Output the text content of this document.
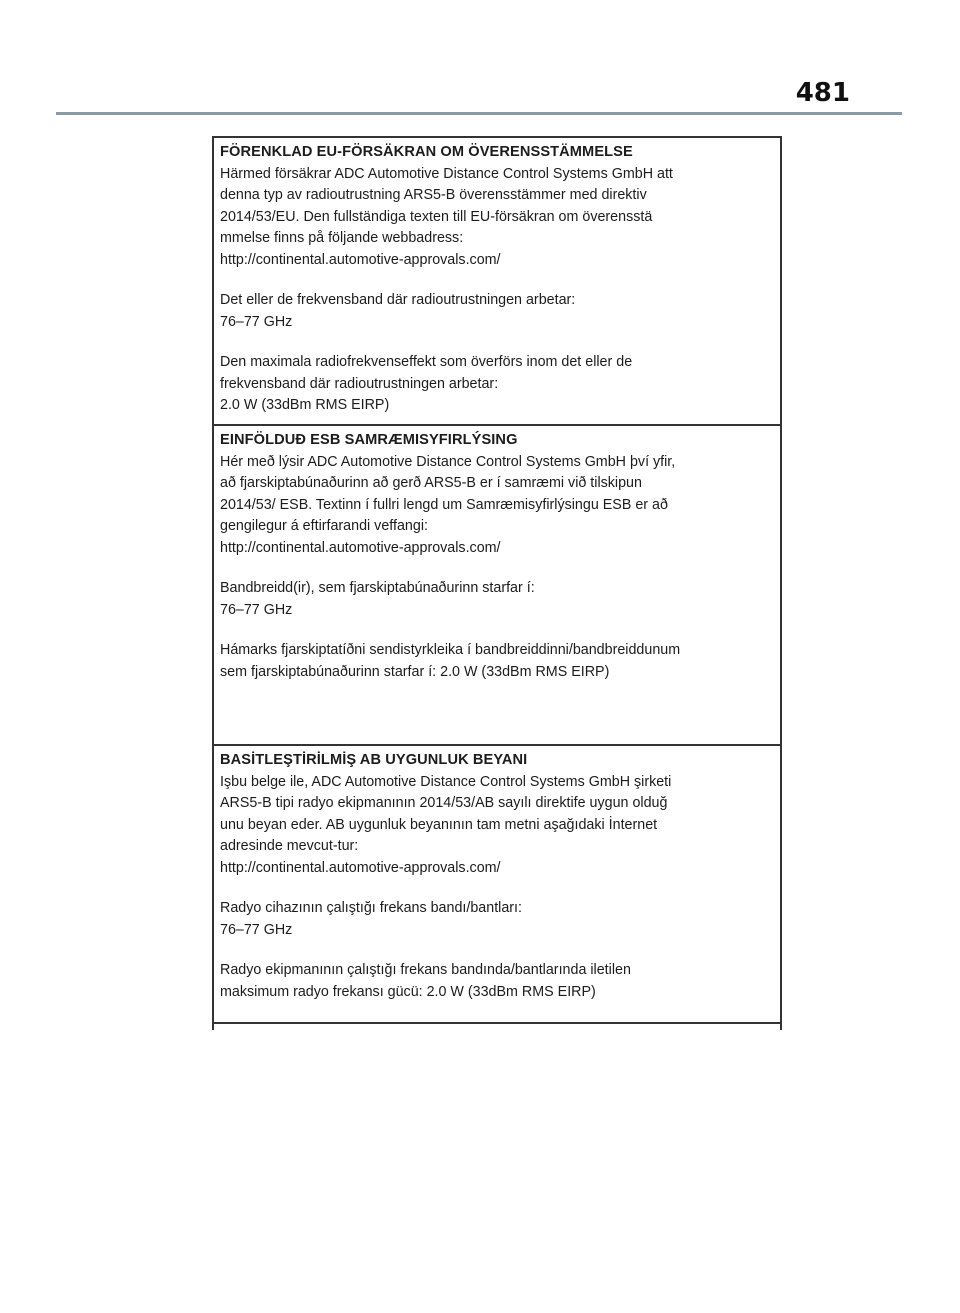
481

FÖRENKLAD EU-FÖRSÄKRAN OM ÖVERENSSTÄMMELSE

Härmed försäkrar ADC Automotive Distance Control Systems GmbH att

denna typ av radioutrustning ARS5-B överensstämmer med direktiv

2014/53/EU. Den fullständiga texten till EU-försäkran om överensstä

mmelse finns på följande webbadress:

http://continental.automotive-approvals.com/

Det eller de frekvensband där radioutrustningen arbetar:

76–77 GHz

Den maximala radiofrekvenseffekt som överförs inom det eller de

frekvensband där radioutrustningen arbetar:

2.0 W (33dBm RMS EIRP)

EINFÖLDUÐ ESB SAMRÆMISYFIRLÝSING

Hér með lýsir ADC Automotive Distance Control Systems GmbH því yfir,

að fjarskiptabúnaðurinn að gerð ARS5-B er í samræmi við tilskipun

2014/53/ ESB. Textinn í fullri lengd um Samræmisyfirlýsingu ESB er að

gengilegur á eftirfarandi veffangi:

http://continental.automotive-approvals.com/

Bandbreidd(ir), sem fjarskiptabúnaðurinn starfar í:

76–77 GHz

Hámarks fjarskiptatíðni sendistyrkleika í bandbreiddinni/bandbreiddunum

sem fjarskiptabúnaðurinn starfar í: 2.0 W (33dBm RMS EIRP)

BASİTLEŞTİRİLMİŞ AB UYGUNLUK BEYANI

Işbu belge ile, ADC Automotive Distance Control Systems GmbH şirketi

ARS5-B tipi radyo ekipmanının 2014/53/AB sayılı direktife uygun olduğ

unu beyan eder. AB uygunluk beyanının tam metni aşağıdaki İnternet

adresinde mevcut-tur:

http://continental.automotive-approvals.com/

Radyo cihazının çalıştığı frekans bandı/bantları:

76–77 GHz

Radyo ekipmanının çalıştığı frekans bandında/bantlarında iletilen

maksimum radyo frekansı gücü: 2.0 W (33dBm RMS EIRP)
